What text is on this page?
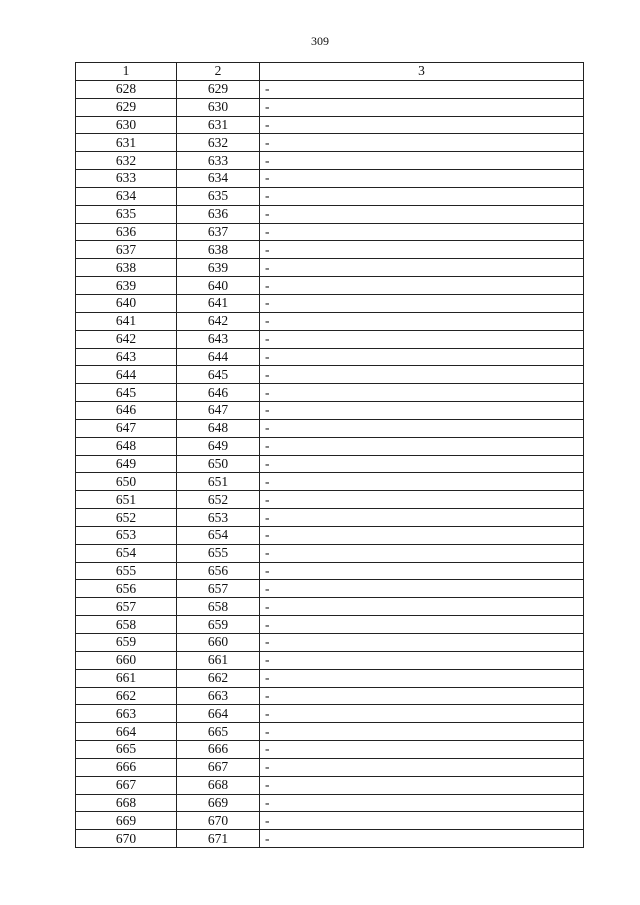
309
1	2	3
628	629	-
629	630	-
630	631	-
631	632	-
632	633	-
633	634	-
634	635	-
635	636	-
636	637	-
637	638	-
638	639	-
639	640	-
640	641	-
641	642	-
642	643	-
643	644	-
644	645	-
645	646	-
646	647	-
647	648	-
648	649	-
649	650	-
650	651	-
651	652	-
652	653	-
653	654	-
654	655	-
655	656	-
656	657	-
657	658	-
658	659	-
659	660	-
660	661	-
661	662	-
662	663	-
663	664	-
664	665	-
665	666	-
666	667	-
667	668	-
668	669	-
669	670	-
670	671	-
